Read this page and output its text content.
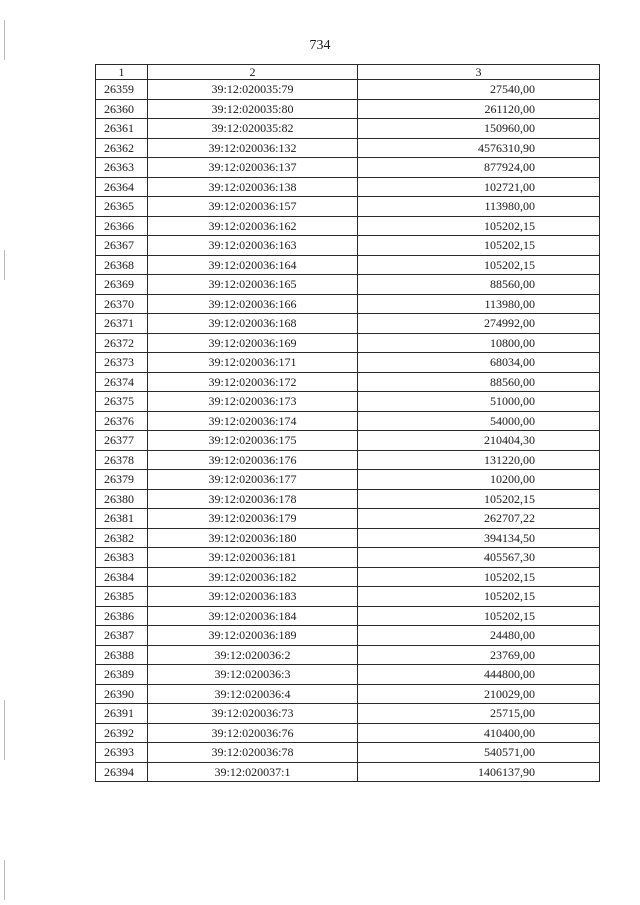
734
1	2	3
26359	39:12:020035:79	27540,00
26360	39:12:020035:80	261120,00
26361	39:12:020035:82	150960,00
26362	39:12:020036:132	4576310,90
26363	39:12:020036:137	877924,00
26364	39:12:020036:138	102721,00
26365	39:12:020036:157	113980,00
26366	39:12:020036:162	105202,15
26367	39:12:020036:163	105202,15
26368	39:12:020036:164	105202,15
26369	39:12:020036:165	88560,00
26370	39:12:020036:166	113980,00
26371	39:12:020036:168	274992,00
26372	39:12:020036:169	10800,00
26373	39:12:020036:171	68034,00
26374	39:12:020036:172	88560,00
26375	39:12:020036:173	51000,00
26376	39:12:020036:174	54000,00
26377	39:12:020036:175	210404,30
26378	39:12:020036:176	131220,00
26379	39:12:020036:177	10200,00
26380	39:12:020036:178	105202,15
26381	39:12:020036:179	262707,22
26382	39:12:020036:180	394134,50
26383	39:12:020036:181	405567,30
26384	39:12:020036:182	105202,15
26385	39:12:020036:183	105202,15
26386	39:12:020036:184	105202,15
26387	39:12:020036:189	24480,00
26388	39:12:020036:2	23769,00
26389	39:12:020036:3	444800,00
26390	39:12:020036:4	210029,00
26391	39:12:020036:73	25715,00
26392	39:12:020036:76	410400,00
26393	39:12:020036:78	540571,00
26394	39:12:020037:1	1406137,90
